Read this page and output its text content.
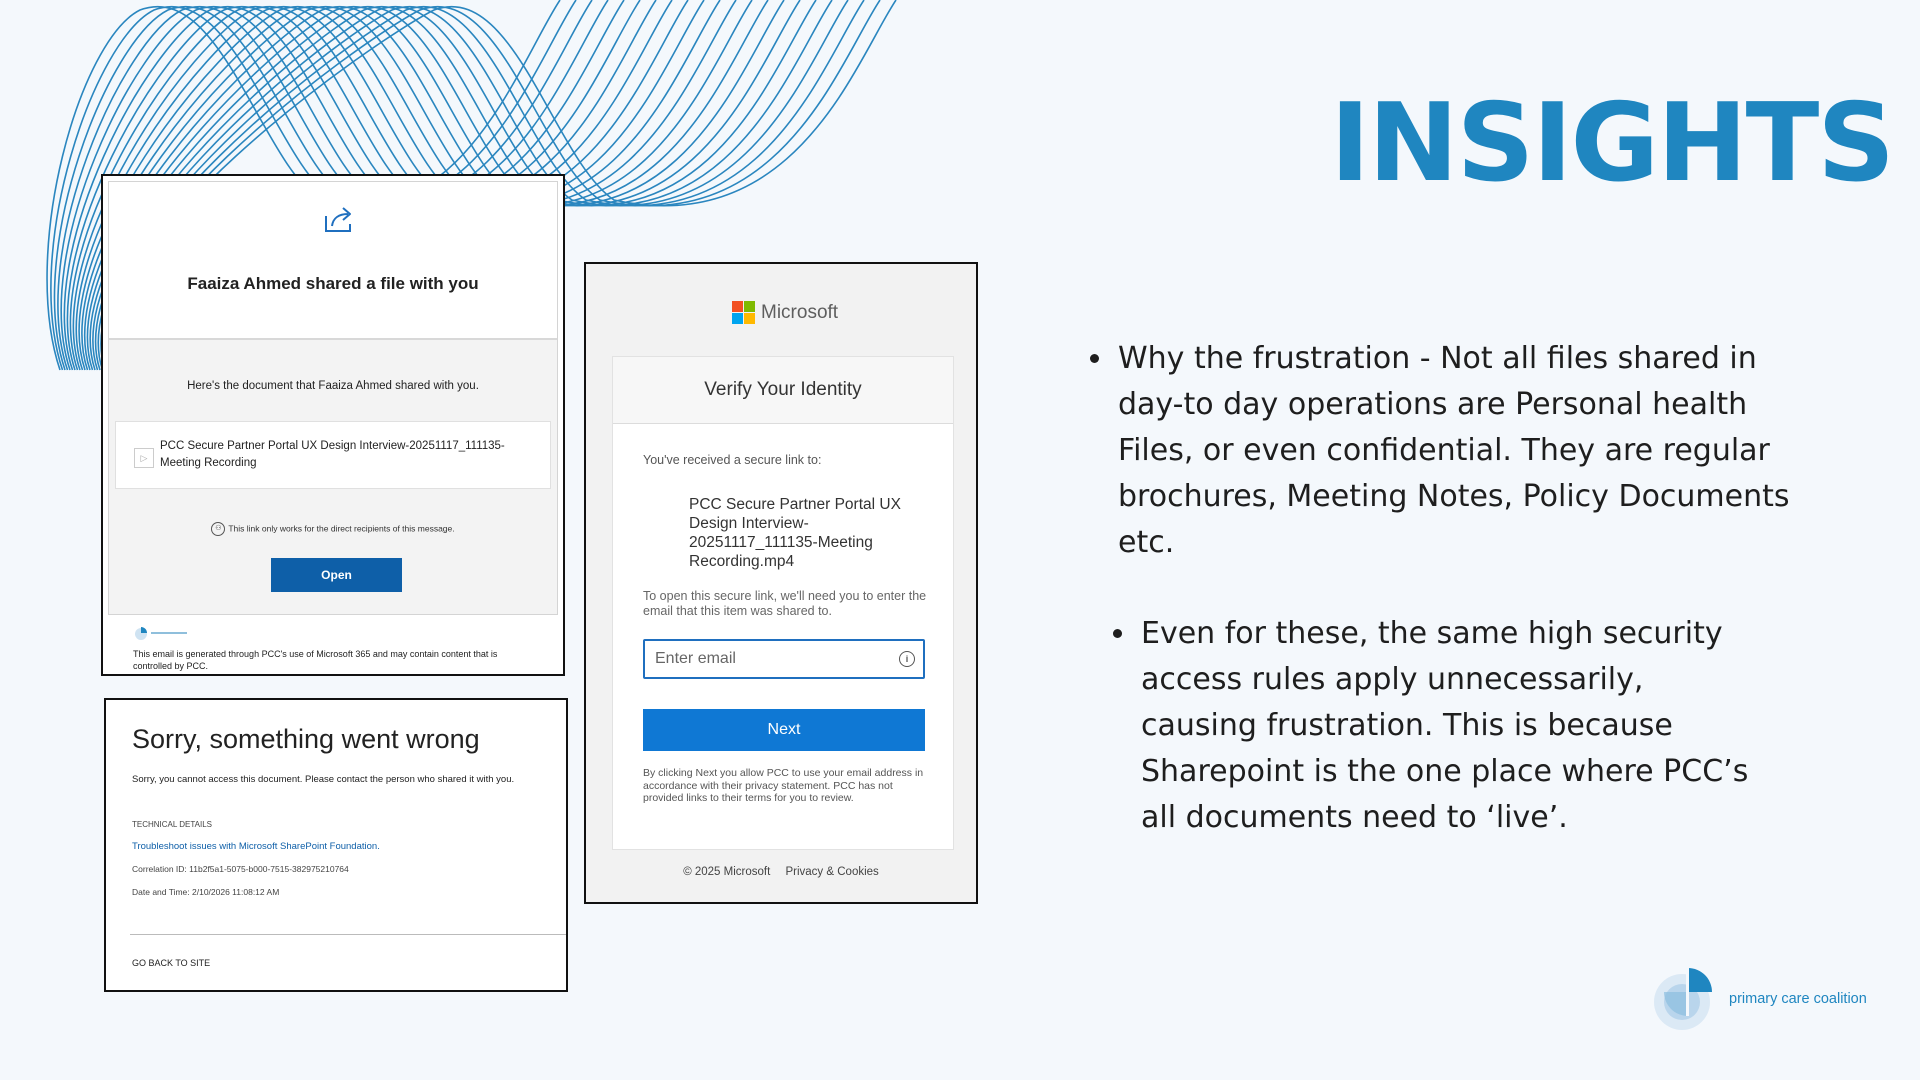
INSIGHTS
Why the frustration - Not all files shared in day-to day operations are Personal health Files, or even confidential. They are regular brochures, Meeting Notes, Policy Documents etc.
Even for these, the same high security access rules apply unnecessarily, causing frustration. This is because Sharepoint is the one place where PCC’s all documents need to ‘live’.
Faaiza Ahmed shared a file with you
Here's the document that Faaiza Ahmed shared with you.
▷
PCC Secure Partner Portal UX Design Interview-20251117_111135-Meeting Recording
⚇ This link only works for the direct recipients of this message.
Open
This email is generated through PCC's use of Microsoft 365 and may contain content that is controlled by PCC.
Sorry, something went wrong
Sorry, you cannot access this document. Please contact the person who shared it with you.
TECHNICAL DETAILS
Troubleshoot issues with Microsoft SharePoint Foundation.
Correlation ID: 11b2f5a1-5075-b000-7515-382975210764
Date and Time: 2/10/2026 11:08:12 AM
GO BACK TO SITE
Microsoft
Verify Your Identity
You've received a secure link to:
PCC Secure Partner Portal UX Design Interview-20251117_111135-Meeting Recording.mp4
To open this secure link, we'll need you to enter the email that this item was shared to.
Enter email
i
Next
By clicking Next you allow PCC to use your email address in accordance with their privacy statement. PCC has not provided links to their terms for you to review.
© 2025 Microsoft Privacy & Cookies
primary care coalition
